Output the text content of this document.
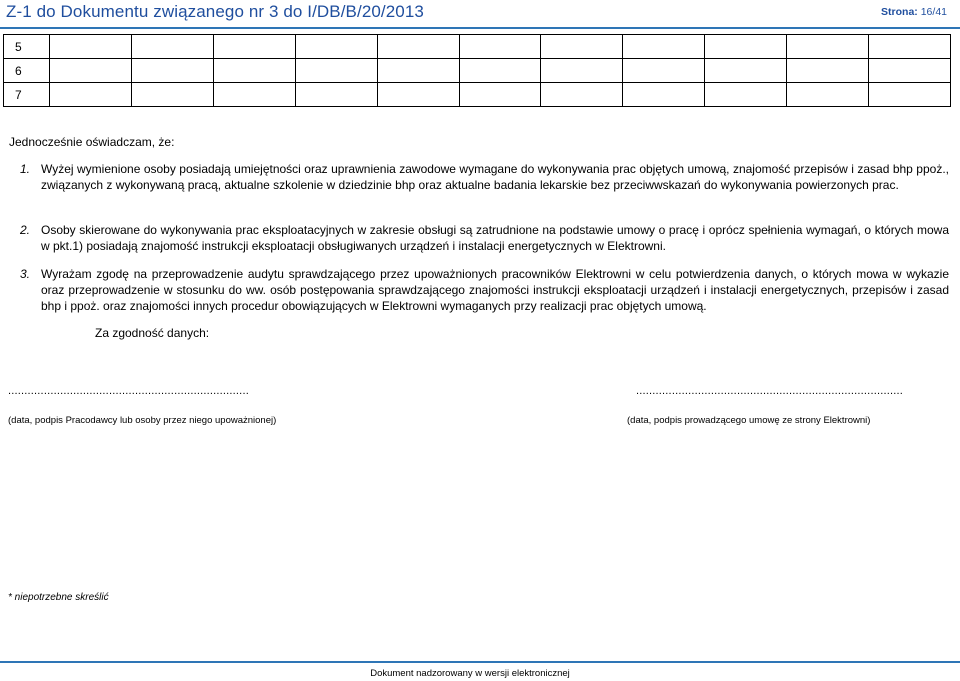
Z-1 do Dokumentu związanego nr 3 do I/DB/B/20/2013	Strona: 16/41
5											
6											
7											
Jednocześnie oświadczam, że:
1. Wyżej wymienione osoby posiadają umiejętności oraz uprawnienia zawodowe wymagane do wykonywania prac objętych umową, znajomość przepisów i zasad bhp ppoż., związanych z wykonywaną pracą, aktualne szkolenie w dziedzinie bhp oraz aktualne badania lekarskie bez przeciwwskazań do wykonywania powierzonych prac.
2. Osoby skierowane do wykonywania prac eksploatacyjnych w zakresie obsługi są zatrudnione na podstawie umowy o pracę i oprócz spełnienia wymagań, o których mowa w pkt.1) posiadają znajomość instrukcji eksploatacji obsługiwanych urządzeń i instalacji energetycznych w Elektrowni.
3. Wyrażam zgodę na przeprowadzenie audytu sprawdzającego przez upoważnionych pracowników Elektrowni w celu potwierdzenia danych, o których mowa w wykazie oraz przeprowadzenie w stosunku do ww. osób postępowania sprawdzającego znajomości instrukcji eksploatacji urządzeń i instalacji energetycznych, przepisów i zasad bhp i ppoż. oraz znajomości innych procedur obowiązujących w Elektrowni wymaganych przy realizacji prac objętych umową.
Za zgodność danych:
..........................................................................
(data, podpis Pracodawcy lub osoby przez niego upoważnionej)
..................................................................................
(data, podpis prowadzącego umowę ze strony Elektrowni)
* niepotrzebne skreślić
Dokument nadzorowany w wersji elektronicznej
